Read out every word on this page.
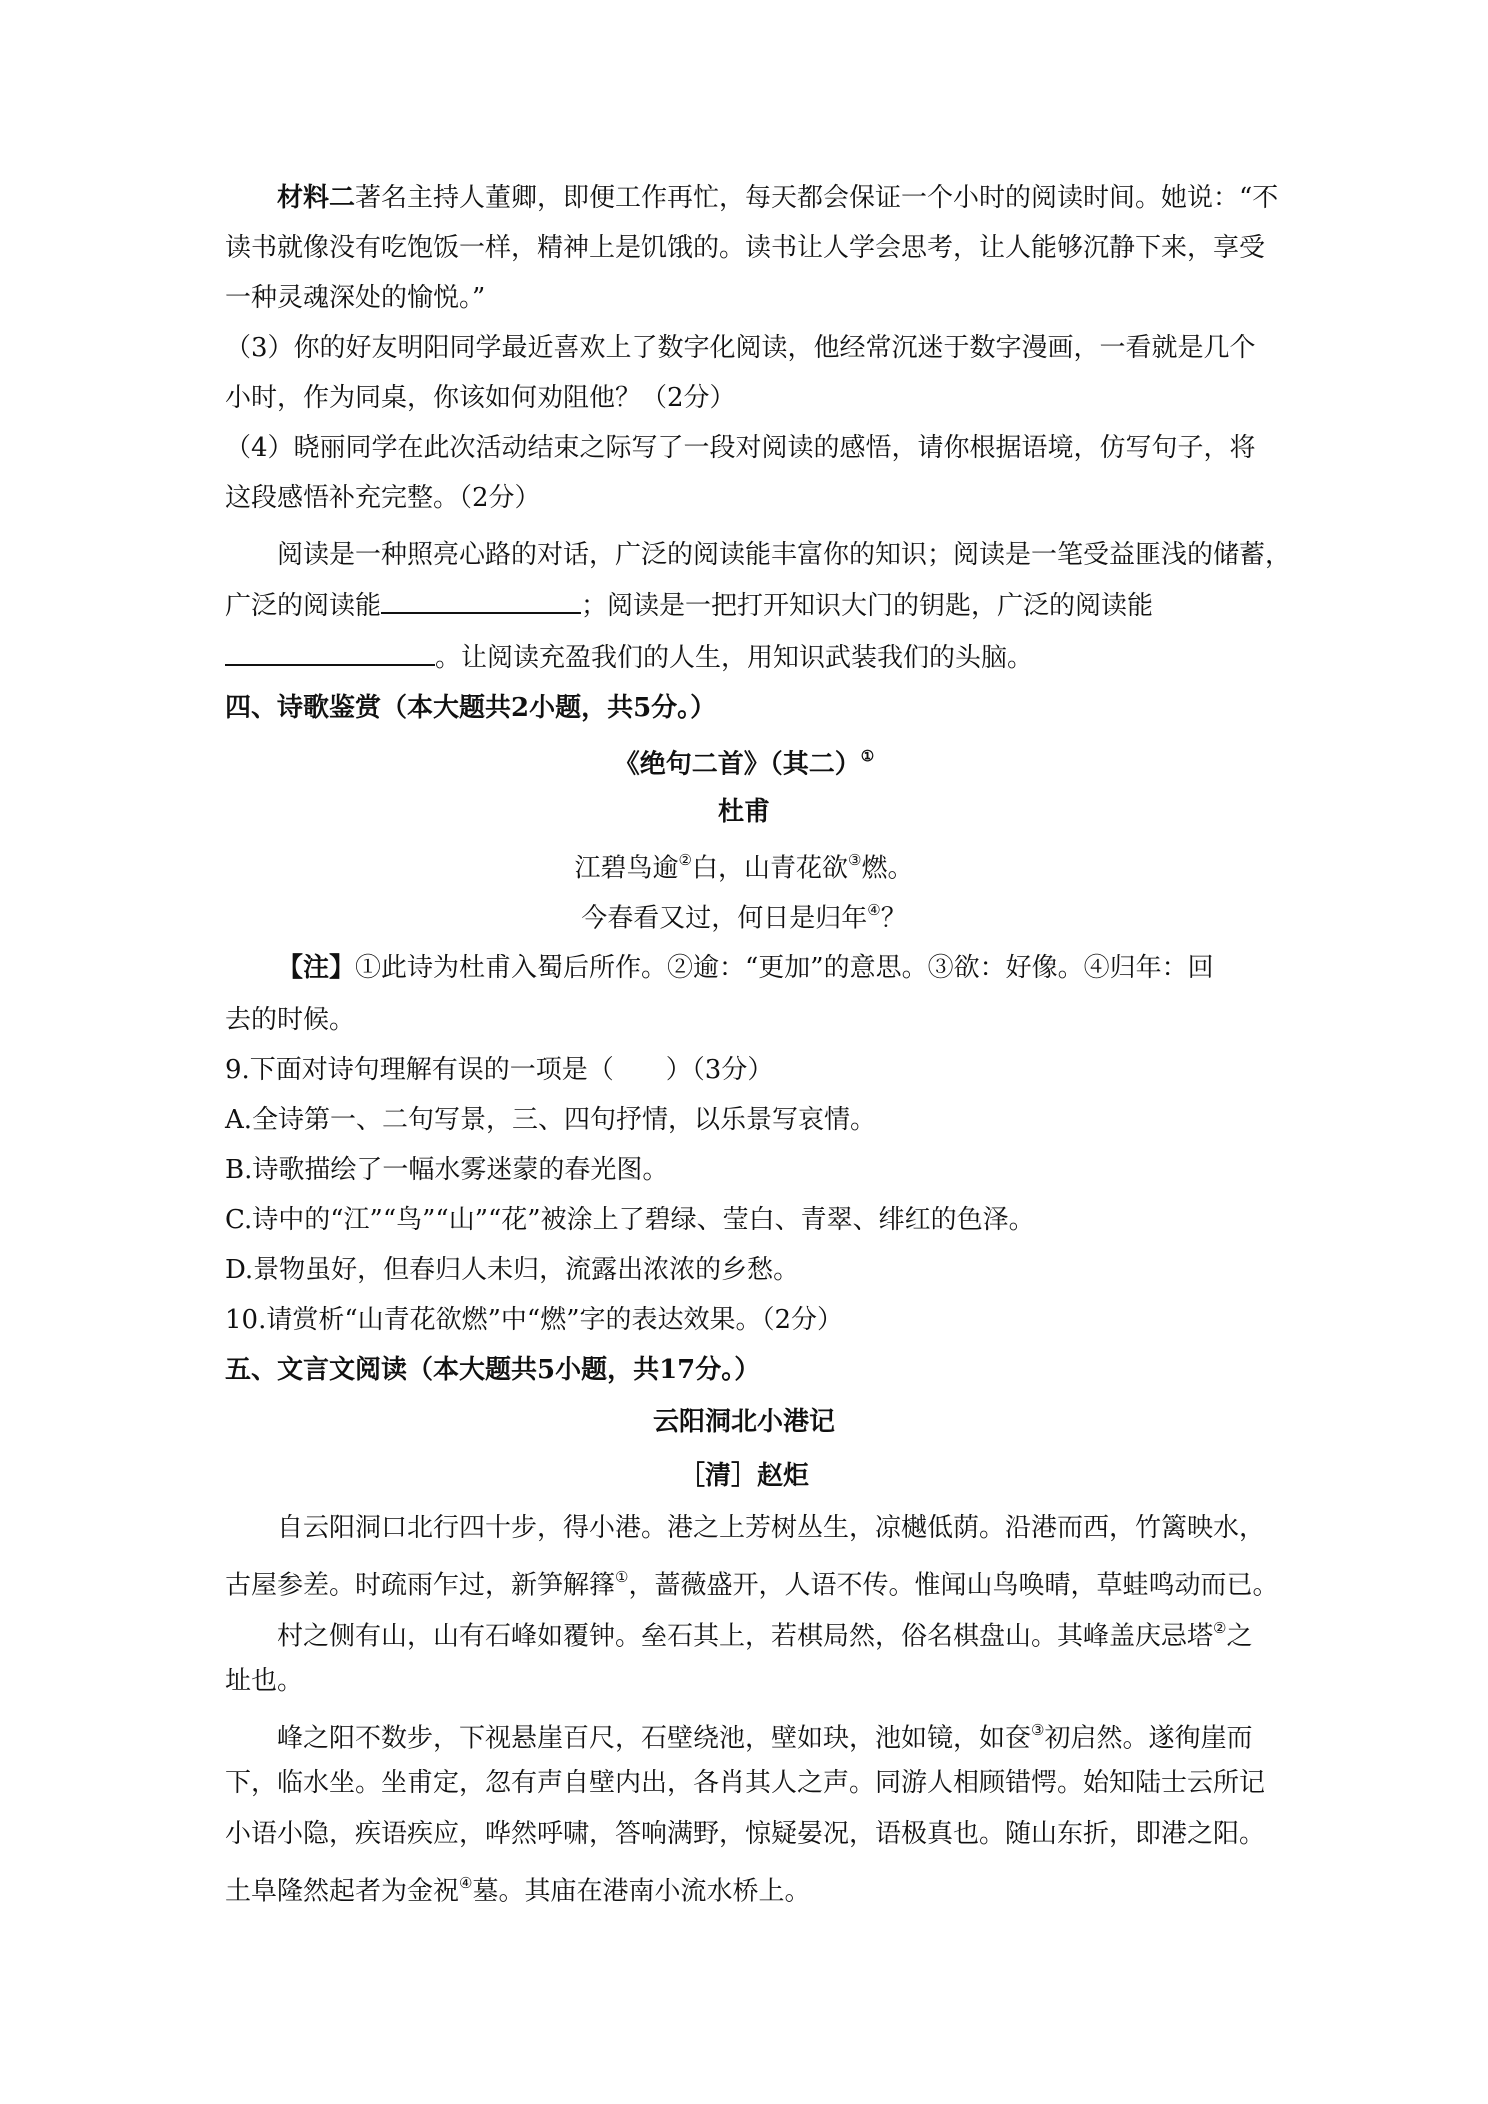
材料二著名主持人董卿，即便工作再忙，每天都会保证一个小时的阅读时间。她说：“不
读书就像没有吃饱饭一样，精神上是饥饿的。读书让人学会思考，让人能够沉静下来，享受
一种灵魂深处的愉悦。”
（3）你的好友明阳同学最近喜欢上了数字化阅读，他经常沉迷于数字漫画，一看就是几个
小时，作为同桌，你该如何劝阻他？（2分）
（4）晓丽同学在此次活动结束之际写了一段对阅读的感悟，请你根据语境，仿写句子，将
这段感悟补充完整。（2分）
阅读是一种照亮心路的对话，广泛的阅读能丰富你的知识；阅读是一笔受益匪浅的储蓄，
广泛的阅读能	；阅读是一把打开知识大门的钥匙，广泛的阅读能
。让阅读充盈我们的人生，用知识武装我们的头脑。
四、诗歌鉴赏（本大题共2小题，共5分。）
《绝句二首》（其二）①
杜甫
江碧鸟逾②白，山青花欲③燃。
今春看又过，何日是归年④？
【注】①此诗为杜甫入蜀后所作。②逾：“更加”的意思。③欲：好像。④归年：回
去的时候。
9.下面对诗句理解有误的一项是（　　）（3分）
A.全诗第一、二句写景，三、四句抒情，以乐景写哀情。
B.诗歌描绘了一幅水雾迷蒙的春光图。
C.诗中的“江”“鸟”“山”“花”被涂上了碧绿、莹白、青翠、绯红的色泽。
D.景物虽好，但春归人未归，流露出浓浓的乡愁。
10.请赏析“山青花欲燃”中“燃”字的表达效果。（2分）
五、文言文阅读（本大题共5小题，共17分。）
云阳洞北小港记
［清］赵炬
自云阳洞口北行四十步，得小港。港之上芳树丛生，凉樾低荫。沿港而西，竹篱映水，
古屋参差。时疏雨乍过，新笋解箨①，蔷薇盛开，人语不传。惟闻山鸟唤晴，草蛙鸣动而已。
村之侧有山，山有石峰如覆钟。垒石其上，若棋局然，俗名棋盘山。其峰盖庆忌塔②之
址也。
峰之阳不数步，下视悬崖百尺，石壁绕池，壁如玦，池如镜，如奁③初启然。遂徇崖而
下，临水坐。坐甫定，忽有声自壁内出，各肖其人之声。同游人相顾错愕。始知陆士云所记
小语小隐，疾语疾应，哗然呼啸，答响满野，惊疑晏况，语极真也。随山东折，即港之阳。
土阜隆然起者为金祝④墓。其庙在港南小流水桥上。
